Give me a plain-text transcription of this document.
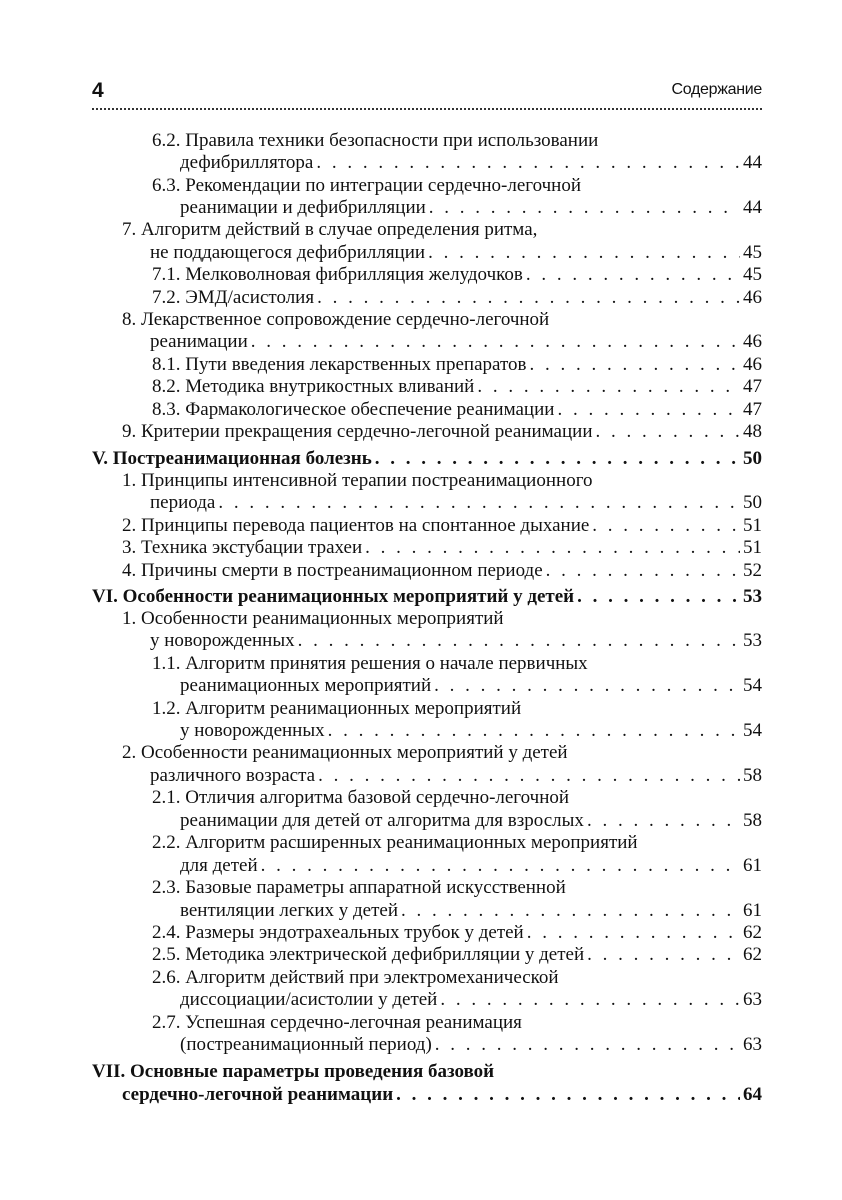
4	Содержание
6.2. Правила техники безопасности при использовании
дефибриллятора . . .	44
6.3. Рекомендации по интеграции сердечно-легочной
реанимации и дефибрилляции . . .	44
7. Алгоритм действий в случае определения ритма,
не поддающегося дефибрилляции . . .	45
7.1. Мелковолновая фибрилляция желудочков . . .	45
7.2. ЭМД/асистолия . . .	46
8. Лекарственное сопровождение сердечно-легочной
реанимации . . .	46
8.1. Пути введения лекарственных препаратов . . .	46
8.2. Методика внутрикостных вливаний . . .	47
8.3. Фармакологическое обеспечение реанимации . . .	47
9. Критерии прекращения сердечно-легочной реанимации . . .	48
V. Постреанимационная болезнь . . .	50
1. Принципы интенсивной терапии постреанимационного
периода . . .	50
2. Принципы перевода пациентов на спонтанное дыхание . . .	51
3. Техника экстубации трахеи . . .	51
4. Причины смерти в постреанимационном периоде . . .	52
VI. Особенности реанимационных мероприятий у детей . . .	53
1. Особенности реанимационных мероприятий
у новорожденных . . .	53
1.1. Алгоритм принятия решения о начале первичных
реанимационных мероприятий . . .	54
1.2. Алгоритм реанимационных мероприятий
у новорожденных . . .	54
2. Особенности реанимационных мероприятий у детей
различного возраста . . .	58
2.1. Отличия алгоритма базовой сердечно-легочной
реанимации для детей от алгоритма для взрослых . . .	58
2.2. Алгоритм расширенных реанимационных мероприятий
для детей . . .	61
2.3. Базовые параметры аппаратной искусственной
вентиляции легких у детей . . .	61
2.4. Размеры эндотрахеальных трубок у детей . . .	62
2.5. Методика электрической дефибрилляции у детей . . .	62
2.6. Алгоритм действий при электромеханической
диссоциации/асистолии у детей . . .	63
2.7. Успешная сердечно-легочная реанимация
(постреанимационный период) . . .	63
VII. Основные параметры проведения базовой
сердечно-легочной реанимации . . .	64
